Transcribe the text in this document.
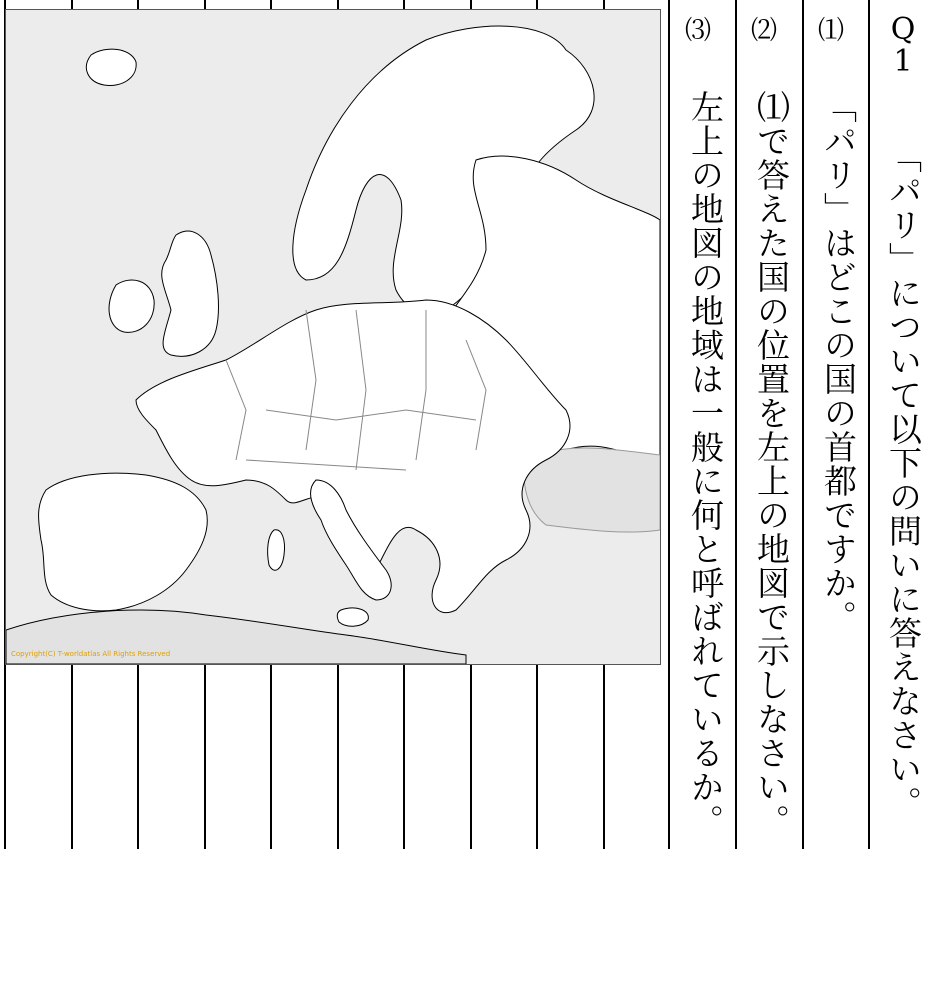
Copyright(C) T-worldatlas All Rights Reserved
Q
1
「パリ」について以下の問いに答えなさい。
⑴
「パリ」はどこの国の首都ですか。
⑵
⑴で答えた国の位置を左上の地図で示しなさい。
⑶
左上の地図の地域は一般に何と呼ばれているか。
